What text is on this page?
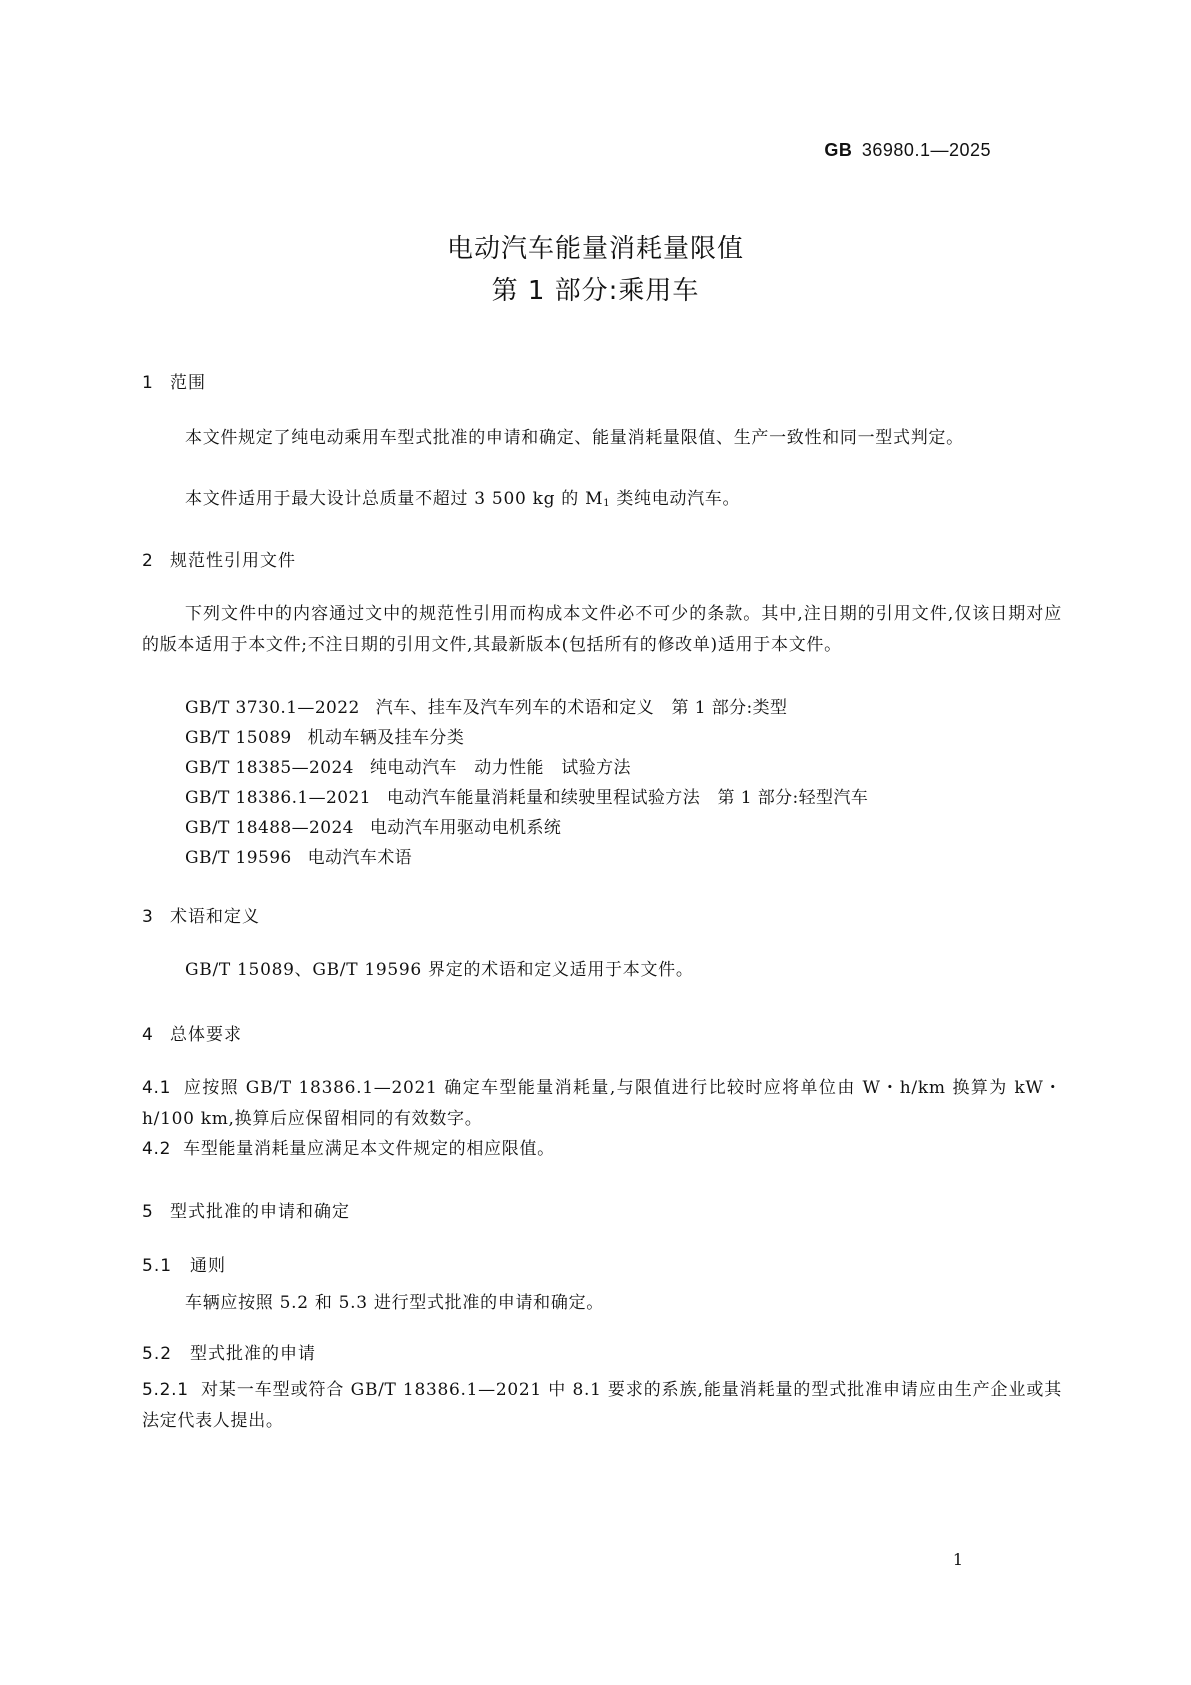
GB 36980.1—2025
电动汽车能量消耗量限值
第 1 部分:乘用车
1 范围
本文件规定了纯电动乘用车型式批准的申请和确定、能量消耗量限值、生产一致性和同一型式判定。
本文件适用于最大设计总质量不超过 3 500 kg 的 $M_1$ 类纯电动汽车。
2 规范性引用文件
下列文件中的内容通过文中的规范性引用而构成本文件必不可少的条款。其中,注日期的引用文件,仅该日期对应的版本适用于本文件;不注日期的引用文件,其最新版本(包括所有的修改单)适用于本文件。
GB/T 3730.1—2022 汽车、挂车及汽车列车的术语和定义　第 1 部分:类型
GB/T 15089 机动车辆及挂车分类
GB/T 18385—2024 纯电动汽车　动力性能　试验方法
GB/T 18386.1—2021 电动汽车能量消耗量和续驶里程试验方法　第 1 部分:轻型汽车
GB/T 18488—2024 电动汽车用驱动电机系统
GB/T 19596 电动汽车术语
3 术语和定义
GB/T 15089、GB/T 19596 界定的术语和定义适用于本文件。
4 总体要求
4.1 应按照 GB/T 18386.1—2021 确定车型能量消耗量,与限值进行比较时应将单位由 W・h/km 换算为 kW・h/100 km,换算后应保留相同的有效数字。
4.2 车型能量消耗量应满足本文件规定的相应限值。
5 型式批准的申请和确定
5.1 通则
车辆应按照 5.2 和 5.3 进行型式批准的申请和确定。
5.2 型式批准的申请
5.2.1 对某一车型或符合 GB/T 18386.1—2021 中 8.1 要求的系族,能量消耗量的型式批准申请应由生产企业或其法定代表人提出。
1
